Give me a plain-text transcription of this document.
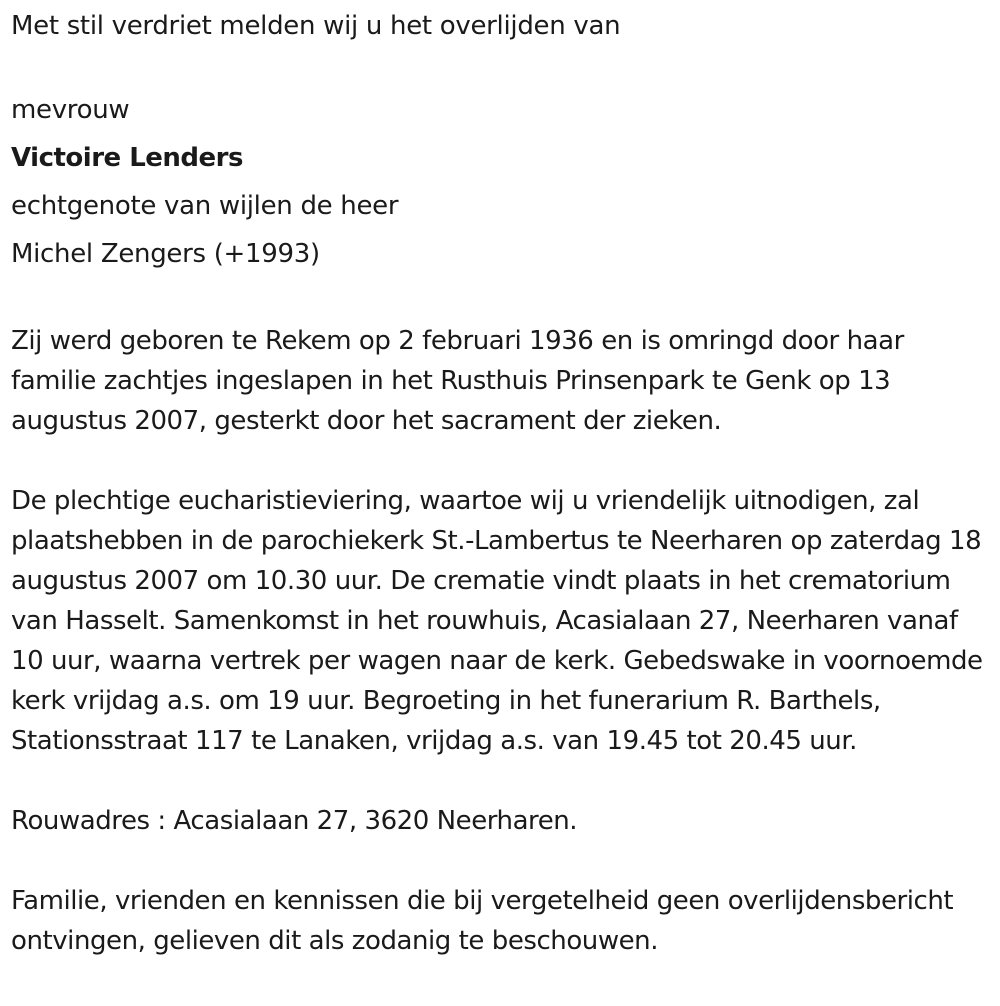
Met stil verdriet melden wij u het overlijden van

mevrouw
Victoire Lenders
echtgenote van wijlen de heer
Michel Zengers (+1993)

Zij werd geboren te Rekem op 2 februari 1936 en is omringd door haar familie zachtjes ingeslapen in het Rusthuis Prinsenpark te Genk op 13 augustus 2007, gesterkt door het sacrament der zieken.

De plechtige eucharistieviering, waartoe wij u vriendelijk uitnodigen, zal plaatshebben in de parochiekerk St.-Lambertus te Neerharen op zaterdag 18 augustus 2007 om 10.30 uur. De crematie vindt plaats in het crematorium van Hasselt. Samenkomst in het rouwhuis, Acasialaan 27, Neerharen vanaf 10 uur, waarna vertrek per wagen naar de kerk. Gebedswake in voornoemde kerk vrijdag a.s. om 19 uur. Begroeting in het funerarium R. Barthels, Stationsstraat 117 te Lanaken, vrijdag a.s. van 19.45 tot 20.45 uur.

Rouwadres : Acasialaan 27, 3620 Neerharen.

Familie, vrienden en kennissen die bij vergetelheid geen overlijdensbericht ontvingen, gelieven dit als zodanig te beschouwen.
